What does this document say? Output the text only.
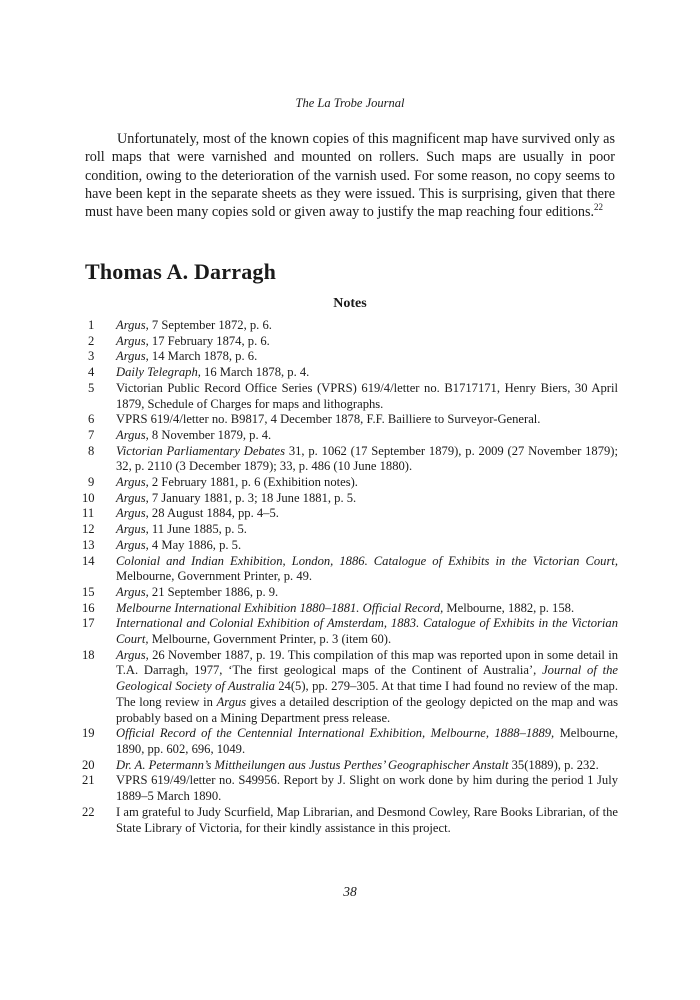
The La Trobe Journal

Unfortunately, most of the known copies of this magnificent map have survived only as roll maps that were varnished and mounted on rollers. Such maps are usually in poor condition, owing to the deterioration of the varnish used. For some reason, no copy seems to have been kept in the separate sheets as they were issued. This is surprising, given that there must have been many copies sold or given away to justify the map reaching four editions.$^{22}$

Thomas A. Darragh
Notes
1	Argus, 7 September 1872, p. 6.
2	Argus, 17 February 1874, p. 6.
3	Argus, 14 March 1878, p. 6.
4	Daily Telegraph, 16 March 1878, p. 4.
5	Victorian Public Record Office Series (VPRS) 619/4/letter no. B1717171, Henry Biers, 30 April 1879, Schedule of Charges for maps and lithographs.
6	VPRS 619/4/letter no. B9817, 4 December 1878, F.F. Bailliere to Surveyor-General.
7	Argus, 8 November 1879, p. 4.
8	Victorian Parliamentary Debates 31, p. 1062 (17 September 1879), p. 2009 (27 November 1879); 32, p. 2110 (3 December 1879); 33, p. 486 (10 June 1880).
9	Argus, 2 February 1881, p. 6 (Exhibition notes).
10	Argus, 7 January 1881, p. 3; 18 June 1881, p. 5.
11	Argus, 28 August 1884, pp. 4–5.
12	Argus, 11 June 1885, p. 5.
13	Argus, 4 May 1886, p. 5.
14	Colonial and Indian Exhibition, London, 1886. Catalogue of Exhibits in the Victorian Court, Melbourne, Government Printer, p. 49.
15	Argus, 21 September 1886, p. 9.
16	Melbourne International Exhibition 1880–1881. Official Record, Melbourne, 1882, p. 158.
17	International and Colonial Exhibition of Amsterdam, 1883. Catalogue of Exhibits in the Victorian Court, Melbourne, Government Printer, p. 3 (item 60).
18	Argus, 26 November 1887, p. 19. This compilation of this map was reported upon in some detail in T.A. Darragh, 1977, ‘The first geological maps of the Continent of Australia’, Journal of the Geological Society of Australia 24(5), pp. 279–305. At that time I had found no review of the map. The long review in Argus gives a detailed description of the geology depicted on the map and was probably based on a Mining Department press release.
19	Official Record of the Centennial International Exhibition, Melbourne, 1888–1889, Melbourne, 1890, pp. 602, 696, 1049.
20	Dr. A. Petermann’s Mittheilungen aus Justus Perthes’ Geographischer Anstalt 35(1889), p. 232.
21	VPRS 619/49/letter no. S49956. Report by J. Slight on work done by him during the period 1 July 1889–5 March 1890.
22	I am grateful to Judy Scurfield, Map Librarian, and Desmond Cowley, Rare Books Librarian, of the State Library of Victoria, for their kindly assistance in this project.
38
